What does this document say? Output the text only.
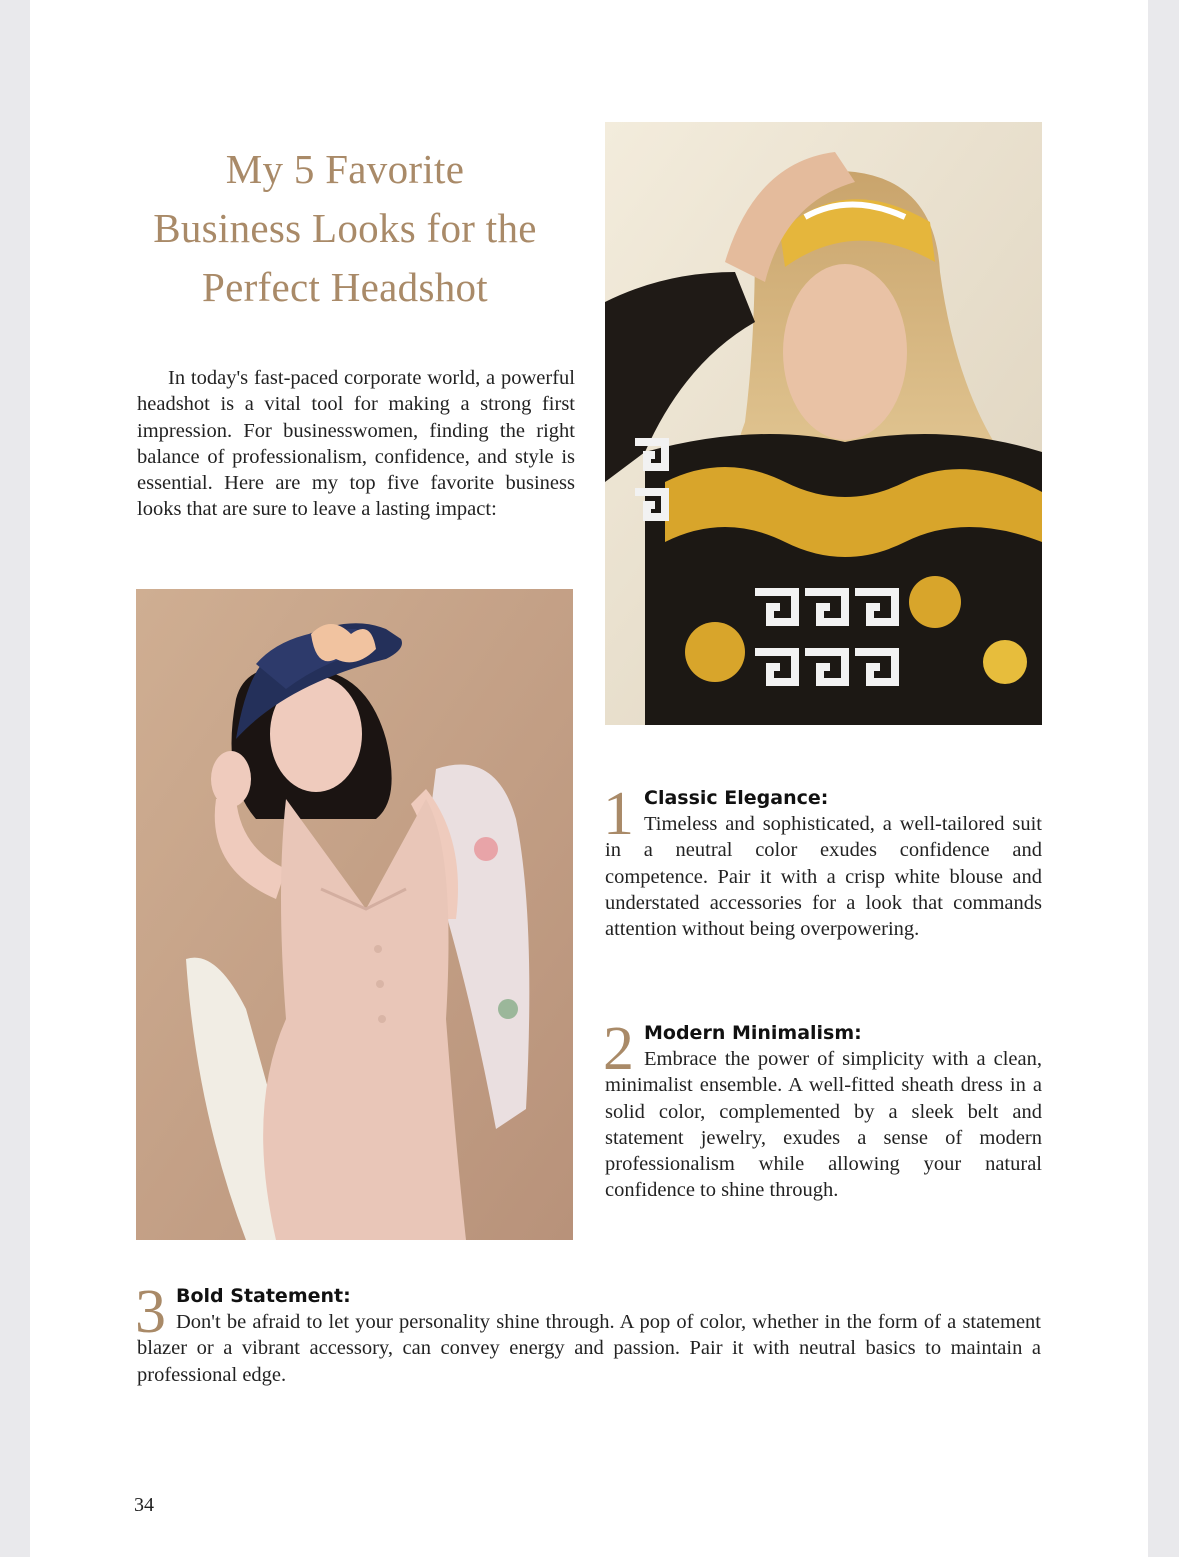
My 5 Favorite
Business Looks for the
Perfect Headshot

In today's fast-paced corporate world, a powerful headshot is a vital tool for making a strong first impression. For businesswomen, finding the right balance of professionalism, confidence, and style is essential. Here are my top five favorite business looks that are sure to leave a lasting impact:

1 Classic Elegance:
Timeless and sophisticated, a well-tailored suit in a neutral color exudes confidence and competence. Pair it with a crisp white blouse and understated accessories for a look that commands attention without being overpowering.
2 Modern Minimalism:
Embrace the power of simplicity with a clean, minimalist ensemble. A well-fitted sheath dress in a solid color, complemented by a sleek belt and statement jewelry, exudes a sense of modern professionalism while allowing your natural confidence to shine through.
3 Bold Statement:
Don't be afraid to let your personality shine through. A pop of color, whether in the form of a statement blazer or a vibrant accessory, can convey energy and passion. Pair it with neutral basics to maintain a professional edge.

34
